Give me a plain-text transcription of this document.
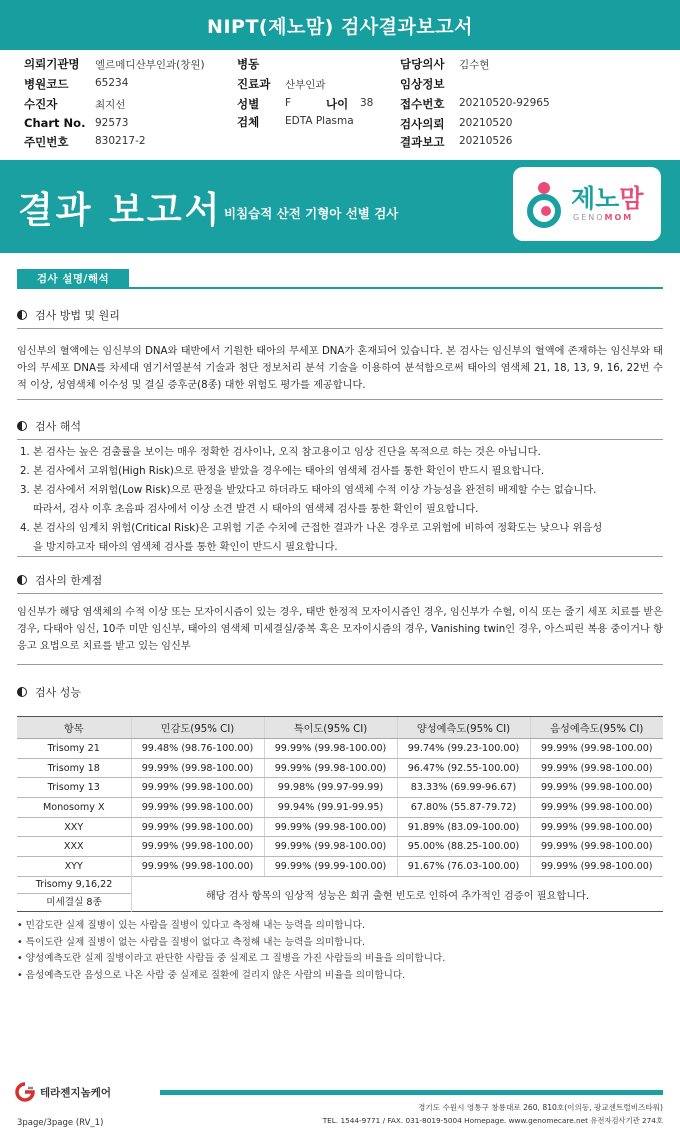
NIPT(제노맘) 검사결과보고서
의뢰기관명 엘르메디산부인과(창원)
병원코드	65234
수진자	최지선
Chart No. 92573
주민번호	830217-2
병동
진료과 산부인과
성별 F	나이 38
검체 EDTA Plasma
담당의사 김수현
임상정보
접수번호 20210520-92965
검사의뢰 20210520
결과보고 20210526
결과 보고서 비침습적 산전 기형아 선별 검사
제노맘
GENOMOM
검사 설명/해석
검사 방법 및 원리
임신부의 혈액에는 임신부의 DNA와 태반에서 기원한 태아의 무세포 DNA가 혼재되어 있습니다. 본 검사는 임신부의 혈액에 존재하는 임신부와 태아의 무세포 DNA를 차세대 염기서열분석 기술과 첨단 정보처리 분석 기술을 이용하여 분석함으로써 태아의 염색체 21, 18, 13, 9, 16, 22번 수적 이상, 성염색체 이수성 및 결실 증후군(8종) 대한 위험도 평가를 제공합니다.
검사 해석
1. 본 검사는 높은 검출률을 보이는 매우 정확한 검사이나, 오직 참고용이고 임상 진단을 목적으로 하는 것은 아닙니다.
2. 본 검사에서 고위험(High Risk)으로 판정을 받았을 경우에는 태아의 염색체 검사를 통한 확인이 반드시 필요합니다.
3. 본 검사에서 저위험(Low Risk)으로 판정을 받았다고 하더라도 태아의 염색체 수적 이상 가능성을 완전히 배제할 수는 없습니다.
따라서, 검사 이후 초음파 검사에서 이상 소견 발견 시 태아의 염색체 검사를 통한 확인이 필요합니다.
4. 본 검사의 임계치 위험(Critical Risk)은 고위험 기준 수치에 근접한 결과가 나온 경우로 고위험에 비하여 정확도는 낮으나 위음성
을 방지하고자 태아의 염색체 검사를 통한 확인이 반드시 필요합니다.
검사의 한계점
임신부가 해당 염색체의 수적 이상 또는 모자이시즘이 있는 경우, 태반 한정적 모자이시즘인 경우, 임신부가 수혈, 이식 또는 줄기 세포 치료를 받은 경우, 다태아 임신, 10주 미만 임신부, 태아의 염색체 미세결실/중복 혹은 모자이시즘의 경우, Vanishing twin인 경우, 아스피린 복용 중이거나 항 응고 요법으로 치료를 받고 있는 임신부
검사 성능
항목	민감도(95% CI)	특이도(95% CI)	양성예측도(95% CI)	음성예측도(95% CI)
Trisomy 21	99.48% (98.76-100.00)	99.99% (99.98-100.00)	99.74% (99.23-100.00)	99.99% (99.98-100.00)
Trisomy 18	99.99% (99.98-100.00)	99.99% (99.98-100.00)	96.47% (92.55-100.00)	99.99% (99.98-100.00)
Trisomy 13	99.99% (99.98-100.00)	99.98% (99.97-99.99)	83.33% (69.99-96.67)	99.99% (99.98-100.00)
Monosomy X	99.99% (99.98-100.00)	99.94% (99.91-99.95)	67.80% (55.87-79.72)	99.99% (99.98-100.00)
XXY	99.99% (99.98-100.00)	99.99% (99.98-100.00)	91.89% (83.09-100.00)	99.99% (99.98-100.00)
XXX	99.99% (99.98-100.00)	99.99% (99.98-100.00)	95.00% (88.25-100.00)	99.99% (99.98-100.00)
XYY	99.99% (99.98-100.00)	99.99% (99.99-100.00)	91.67% (76.03-100.00)	99.99% (99.98-100.00)
Trisomy 9,16,22
미세결실 8종
해당 검사 항목의 임상적 성능은 희귀 출현 빈도로 인하여 추가적인 검증이 필요합니다.
• 민감도란 실제 질병이 있는 사람을 질병이 있다고 측정해 내는 능력을 의미합니다.
• 특이도란 실제 질병이 없는 사람을 질병이 없다고 측정해 내는 능력을 의미합니다.
• 양성예측도란 실제 질병이라고 판단한 사람들 중 실제로 그 질병을 가진 사람들의 비율을 의미합니다.
• 음성예측도란 음성으로 나온 사람 중 실제로 질환에 걸리지 않은 사람의 비율을 의미합니다.
테라젠지놈케어
경기도 수원시 영통구 창룡대로 260, 810호(이의동, 광교센트럴비즈타워)
TEL. 1544-9771 / FAX. 031-8019-5004 Homepage. www.genomecare.net 유전자검사기관 274호
3page/3page (RV_1)
